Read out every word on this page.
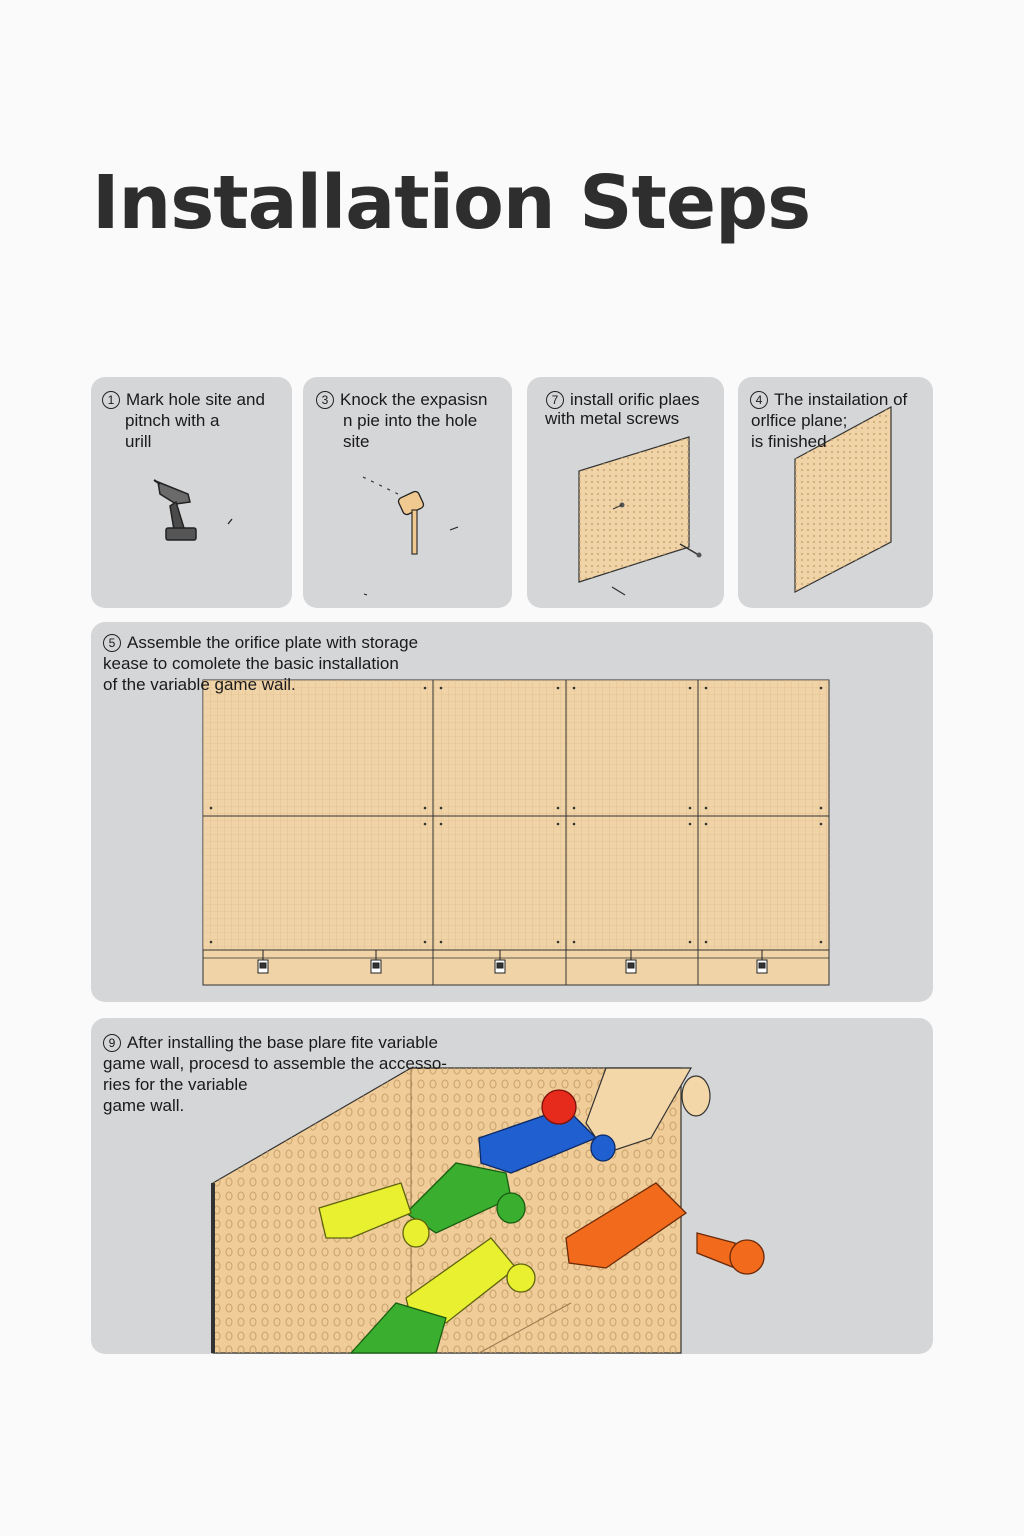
Installation Steps
1 Mark hole site and
pitnch with a
urill
3 Knock the expasisn
n pie into the hole
site
7 install orific plaes
with metal screws
4 The instailation of
orlfice plane;
is finished
5 Assemble the orifice plate with storage
kease to comolete the basic installation
of the variable game wail.
9 After installing the base plare fite variable
game wall, procesd to assemble the accesso-
ries for the variable
game wall.
